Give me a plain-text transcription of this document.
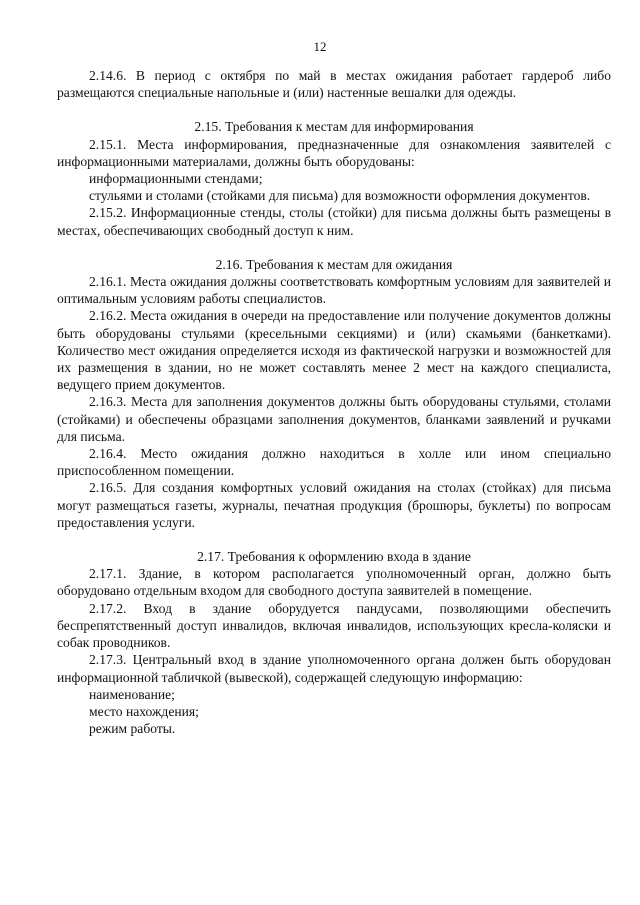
12

2.14.6. В период с октября по май в местах ожидания работает гардероб либо размещаются специальные напольные и (или) настенные вешалки для одежды.

2.15. Требования к местам для информирования

2.15.1. Места информирования, предназначенные для ознакомления заявителей с информационными материалами, должны быть оборудованы:

информационными стендами;

стульями и столами (стойками для письма) для возможности оформления документов.

2.15.2. Информационные стенды, столы (стойки) для письма должны быть размещены в местах, обеспечивающих свободный доступ к ним.

2.16. Требования к местам для ожидания

2.16.1. Места ожидания должны соответствовать комфортным условиям для заявителей и оптимальным условиям работы специалистов.

2.16.2. Места ожидания в очереди на предоставление или получение документов должны быть оборудованы стульями (кресельными секциями) и (или) скамьями (банкетками). Количество мест ожидания определяется исходя из фактической нагрузки и возможностей для их размещения в здании, но не может составлять менее 2 мест на каждого специалиста, ведущего прием документов.

2.16.3. Места для заполнения документов должны быть оборудованы стульями, столами (стойками) и обеспечены образцами заполнения документов, бланками заявлений и ручками для письма.

2.16.4. Место ожидания должно находиться в холле или ином специально приспособленном помещении.

2.16.5. Для создания комфортных условий ожидания на столах (стойках) для письма могут размещаться газеты, журналы, печатная продукция (брошюры, буклеты) по вопросам предоставления услуги.

2.17. Требования к оформлению входа в здание

2.17.1. Здание, в котором располагается уполномоченный орган, должно быть оборудовано отдельным входом для свободного доступа заявителей в помещение.

2.17.2. Вход в здание оборудуется пандусами, позволяющими обеспечить беспрепятственный доступ инвалидов, включая инвалидов, использующих кресла-коляски и собак проводников.

2.17.3. Центральный вход в здание уполномоченного органа должен быть оборудован информационной табличкой (вывеской), содержащей следующую информацию:

наименование;

место нахождения;

режим работы.
